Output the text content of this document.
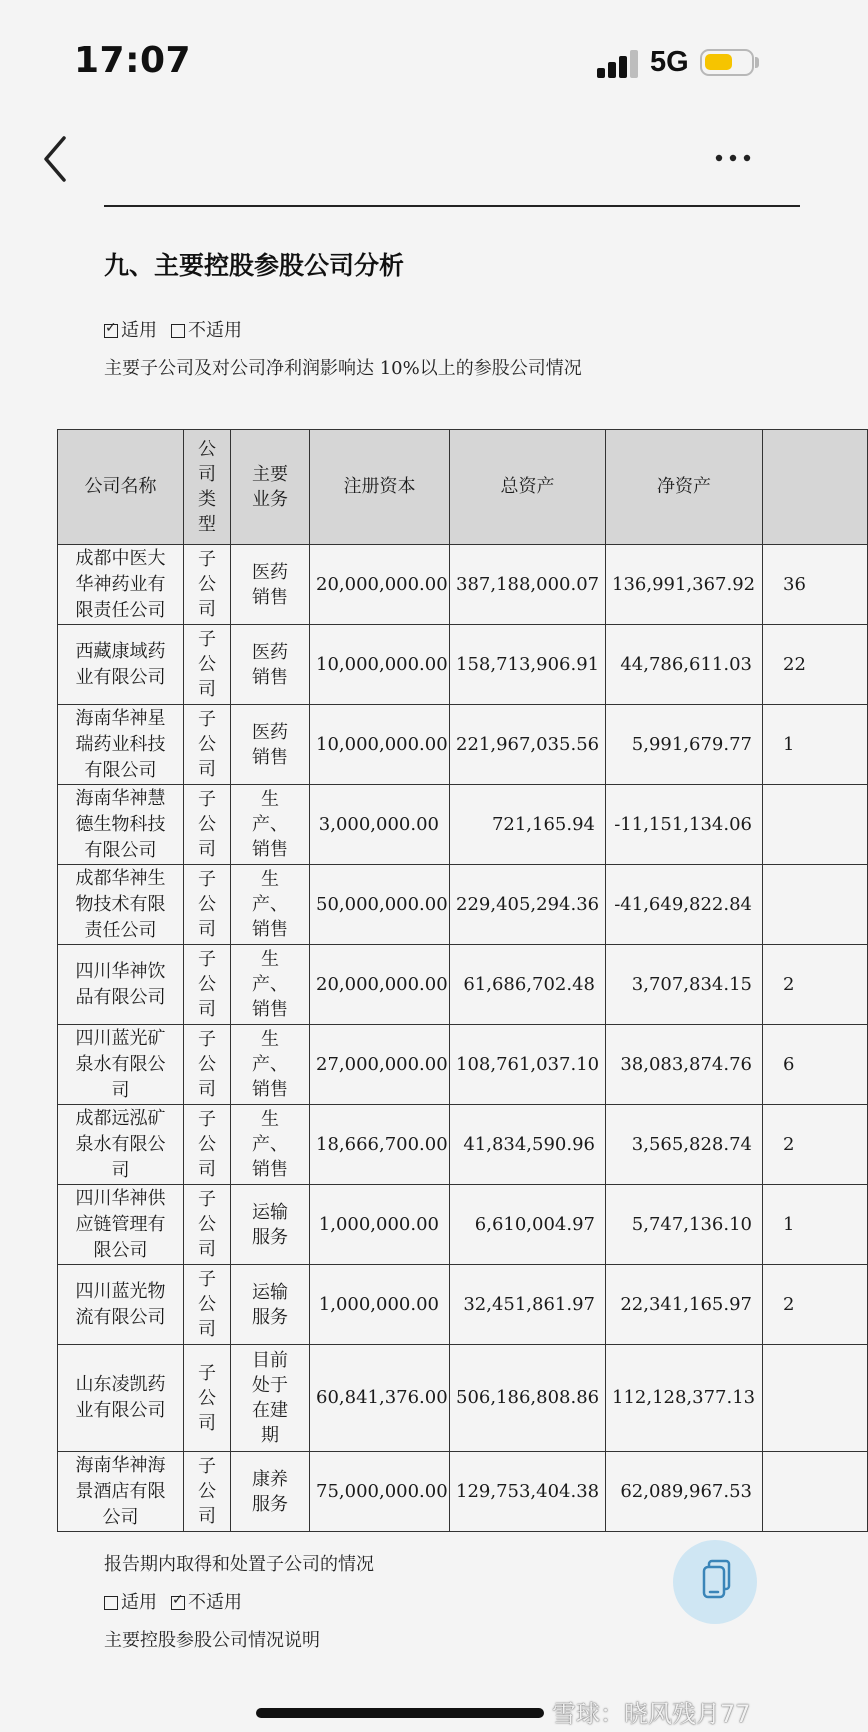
17:07	5G
九、主要控股参股公司分析
✓适用 不适用
主要子公司及对公司净利润影响达 10%以上的参股公司情况
公司名称	公司类型	主要业务	注册资本	总资产	净资产	

成都中医大华神药业有限责任公司	子公司	医药销售	20,000,000.00	387,188,000.07	136,991,367.92	36

西藏康域药业有限公司	子公司	医药销售	10,000,000.00	158,713,906.91	44,786,611.03	22

海南华神星瑞药业科技有限公司	子公司	医药销售	10,000,000.00	221,967,035.56	5,991,679.77	1

海南华神慧德生物科技有限公司	子公司	生产、销售	3,000,000.00	721,165.94	-11,151,134.06	

成都华神生物技术有限责任公司	子公司	生产、销售	50,000,000.00	229,405,294.36	-41,649,822.84	

四川华神饮品有限公司	子公司	生产、销售	20,000,000.00	61,686,702.48	3,707,834.15	2

四川蓝光矿泉水有限公司	子公司	生产、销售	27,000,000.00	108,761,037.10	38,083,874.76	6

成都远泓矿泉水有限公司	子公司	生产、销售	18,666,700.00	41,834,590.96	3,565,828.74	2

四川华神供应链管理有限公司	子公司	运输服务	1,000,000.00	6,610,004.97	5,747,136.10	1

四川蓝光物流有限公司	子公司	运输服务	1,000,000.00	32,451,861.97	22,341,165.97	2

山东凌凯药业有限公司	子公司	目前处于在建期	60,841,376.00	506,186,808.86	112,128,377.13	

海南华神海景酒店有限公司	子公司	康养服务	75,000,000.00	129,753,404.38	62,089,967.53	
报告期内取得和处置子公司的情况
适用 ✓ 不适用
主要控股参股公司情况说明
雪球：晓风残月77
